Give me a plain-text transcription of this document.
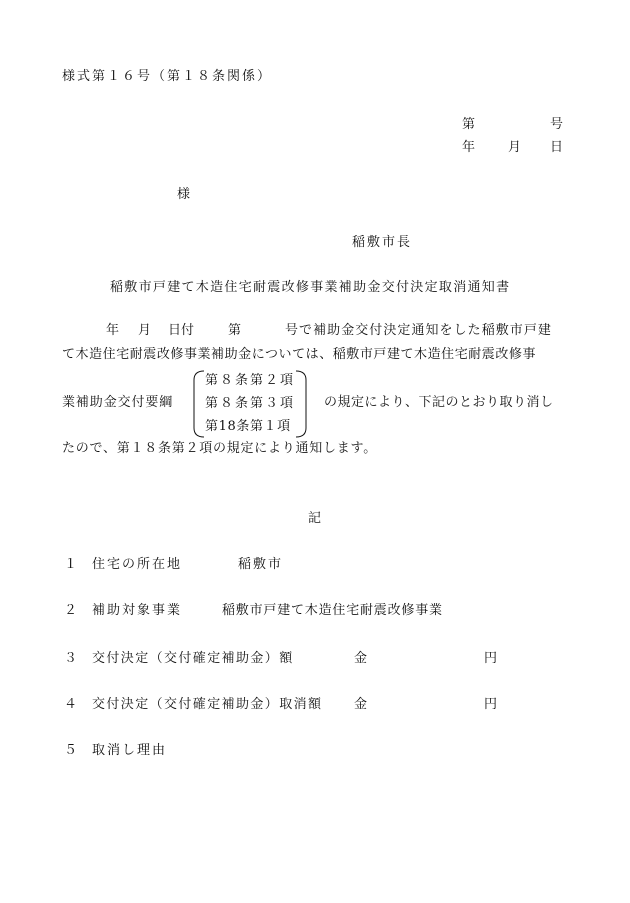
様式第１６号（第１８条関係）
第	号
年	月 日
様
稲敷市長
稲敷市戸建て木造住宅耐震改修事業補助金交付決定取消通知書
年 月 日付	第	号で補助金交付決定通知をした稲敷市戸建
て木造住宅耐震改修事業補助金については、稲敷市戸建て木造住宅耐震改修事
業補助金交付要綱
第８条第２項
第８条第３項
第18条第１項
の規定により、下記のとおり取り消し
たので、第１８条第２項の規定により通知します。
記
１ 住宅の所在地	稲敷市
２ 補助対象事業	稲敷市戸建て木造住宅耐震改修事業
３ 交付決定（交付確定補助金）額	金	円
４ 交付決定（交付確定補助金）取消額 金	円
５ 取消し理由
